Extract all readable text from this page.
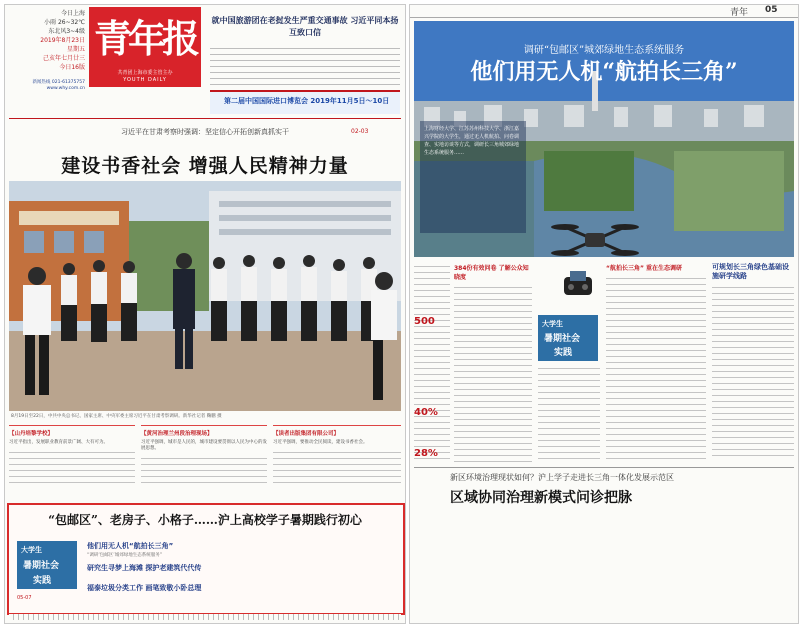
今日上海
小雨 26~32℃
东北风3~4级
2019年8月23日
星期五
己亥年七月廿三
今日16版
新闻热线 021-61375757 www.why.com.cn
青年报
共青团上海市委主管主办
YOUTH DAILY
就中国旅游团在老挝发生严重交通事故 习近平同本扬互致口信
第二届中国国际进口博览会 2019年11月5日～10日
习近平在甘肃考察时强调：坚定信心开拓创新真抓实干	02-03
建设书香社会 增强人民精神力量
8月19日至22日，中共中央总书记、国家主席、中央军委主席习近平在甘肃考察调研。新华社记者 鞠鹏 摄
【山丹培黎学校】
习近平指出，发展职业教育前景广阔、大有可为。
【黄河治理兰州段治理现场】
习近平强调，城市是人民的，城市建设要贯彻以人民为中心的发展思想。
【读者出版集团有限公司】
习近平强调，要推动全民阅读，建设书香社会。
“包邮区”、老房子、小格子……沪上高校学子暑期践行初心
大学生
暑期社会
实践
他们用无人机“航拍长三角”
“调研‘包邮区’城郊绿地生态系统服务”
研究生寻梦上海滩 探护老建筑代代传
福泰垃圾分类工作 画笔致敬小卧总理
05-07
青年 05
调研“包邮区”城郊绿地生态系统服务
他们用无人机“航拍长三角”
上海财经大学、江苏苏州科技大学、浙江嘉兴学院的大学生，通过无人机航拍、问卷调查、实地访谈等方式，调研长三角城郊绿地生态系统服务……
500
384份有效问卷 了解公众知晓度
40%
28%
大学生
暑期社会
实践
“航拍长三角” 重在生态调研	可规划长三角绿色基础设施研学线路
新区环境治理现状如何？沪上学子走进长三角一体化发展示范区
区域协同治理新模式问诊把脉
